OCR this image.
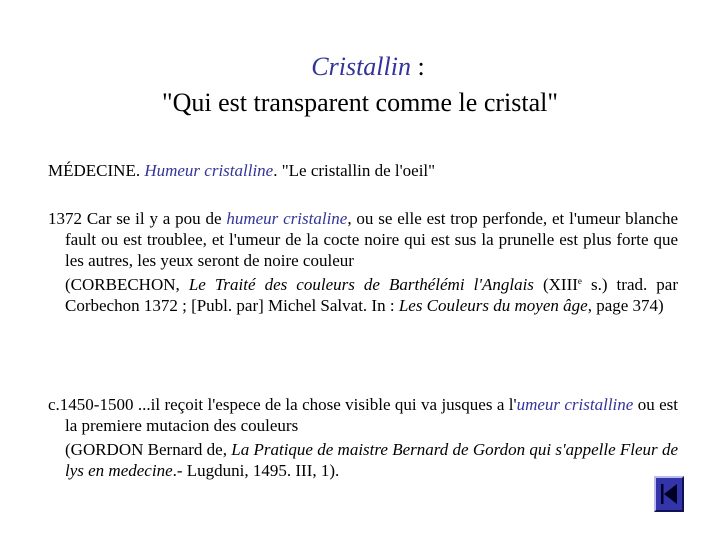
Cristallin :
"Qui est transparent comme le cristal"
MÉDECINE. Humeur cristalline. "Le cristallin de l'oeil"
1372 Car se il y a pou de humeur cristaline, ou se elle est trop perfonde, et l'umeur blanche fault ou est troublee, et l'umeur de la cocte noire qui est sus la prunelle est plus forte que les autres, les yeux seront de noire couleur
(CORBECHON, Le Traité des couleurs de Barthélémi l'Anglais (XIIIe s.) trad. par Corbechon 1372 ; [Publ. par] Michel Salvat. In : Les Couleurs du moyen âge, page 374)
c.1450-1500 ...il reçoit l'espece de la chose visible qui va jusques a l'umeur cristalline ou est la premiere mutacion des couleurs
(GORDON Bernard de, La Pratique de maistre Bernard de Gordon qui s'appelle Fleur de lys en medecine.- Lugduni, 1495. III, 1).
